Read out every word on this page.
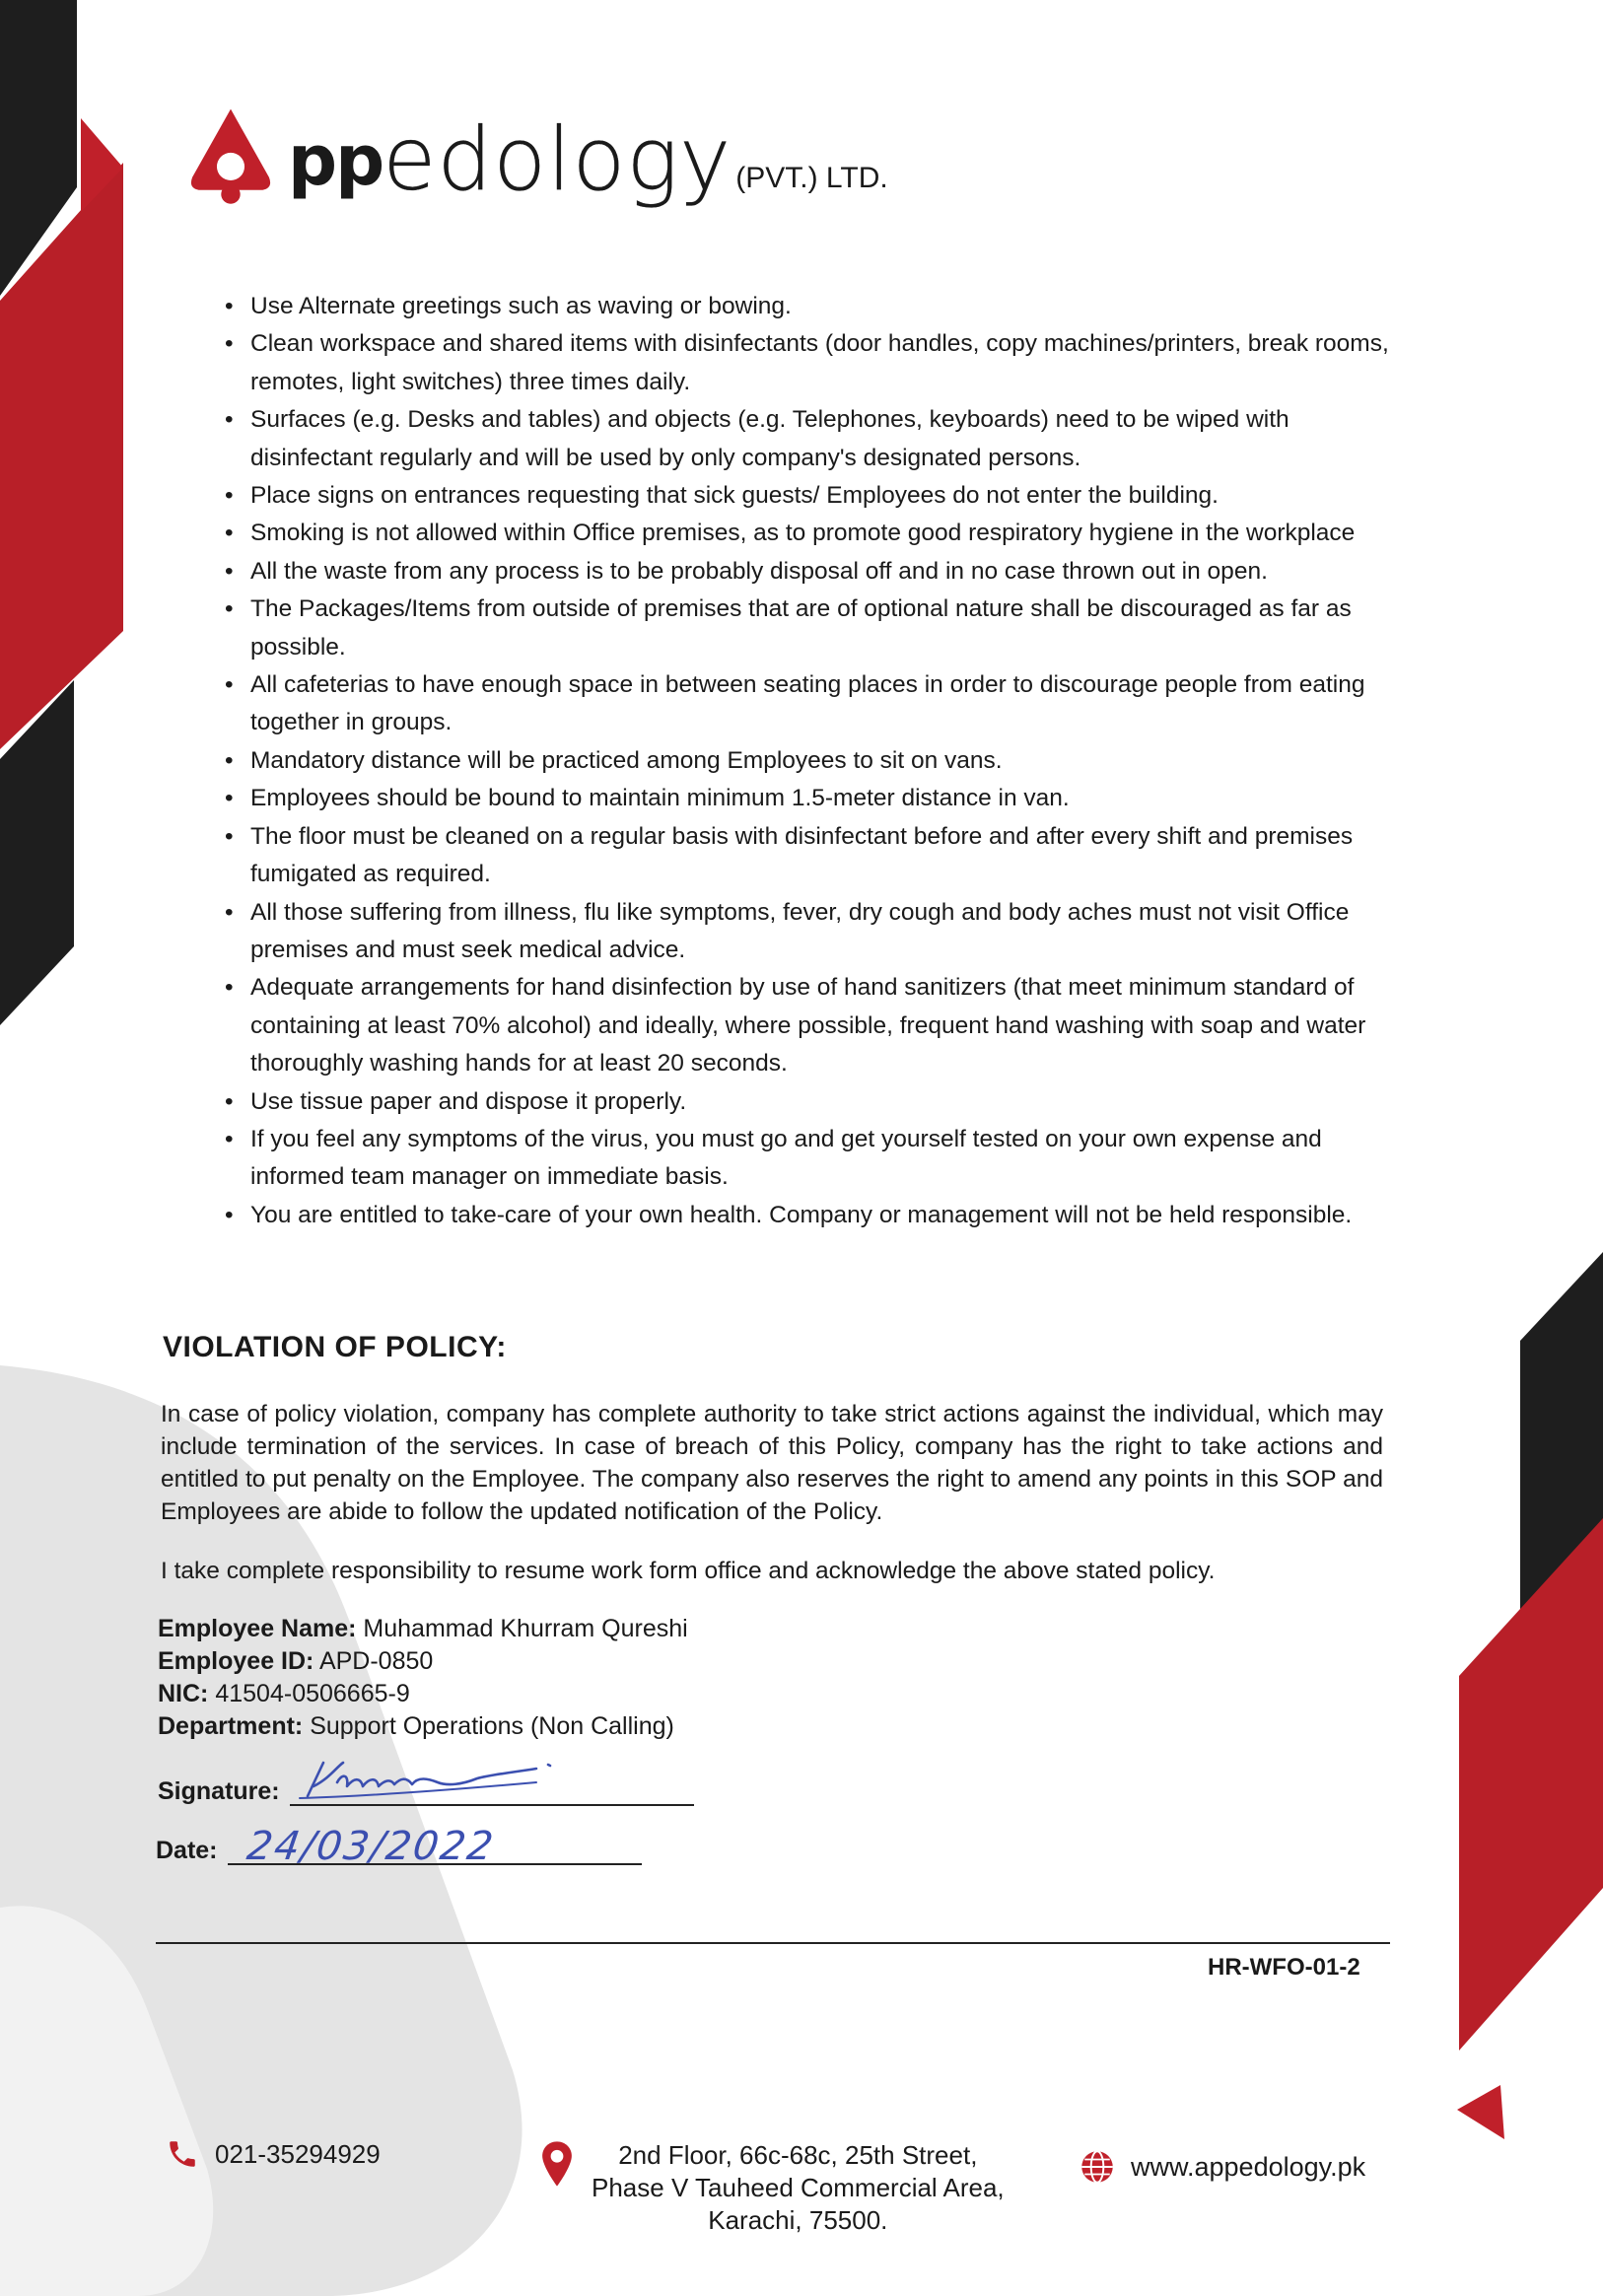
pp edology (PVT.) LTD.
• Use Alternate greetings such as waving or bowing.
• Clean workspace and shared items with disinfectants (door handles, copy machines/printers, break rooms, remotes, light switches) three times daily.
• Surfaces (e.g. Desks and tables) and objects (e.g. Telephones, keyboards) need to be wiped with disinfectant regularly and will be used by only company's designated persons.
• Place signs on entrances requesting that sick guests/ Employees do not enter the building.
• Smoking is not allowed within Office premises, as to promote good respiratory hygiene in the workplace
• All the waste from any process is to be probably disposal off and in no case thrown out in open.
• The Packages/Items from outside of premises that are of optional nature shall be discouraged as far as possible.
• All cafeterias to have enough space in between seating places in order to discourage people from eating together in groups.
• Mandatory distance will be practiced among Employees to sit on vans.
• Employees should be bound to maintain minimum 1.5-meter distance in van.
• The floor must be cleaned on a regular basis with disinfectant before and after every shift and premises fumigated as required.
• All those suffering from illness, flu like symptoms, fever, dry cough and body aches must not visit Office premises and must seek medical advice.
• Adequate arrangements for hand disinfection by use of hand sanitizers (that meet minimum standard of containing at least 70% alcohol) and ideally, where possible, frequent hand washing with soap and water thoroughly washing hands for at least 20 seconds.
• Use tissue paper and dispose it properly.
• If you feel any symptoms of the virus, you must go and get yourself tested on your own expense and informed team manager on immediate basis.
• You are entitled to take-care of your own health. Company or management will not be held responsible.
VIOLATION OF POLICY:

In case of policy violation, company has complete authority to take strict actions against the individual, which may include termination of the services. In case of breach of this Policy, company has the right to take actions and entitled to put penalty on the Employee. The company also reserves the right to amend any points in this SOP and Employees are abide to follow the updated notification of the Policy.

I take complete responsibility to resume work form office and acknowledge the above stated policy.

Employee Name: Muhammad Khurram Qureshi
Employee ID: APD-0850
NIC: 41504-0506665-9
Department: Support Operations (Non Calling)
Signature:
Date: 24/03/2022
HR-WFO-01-2
021-35294929	2nd Floor, 66c-68c, 25th Street,
Phase V Tauheed Commercial Area,
Karachi, 75500.
www.appedology.pk
